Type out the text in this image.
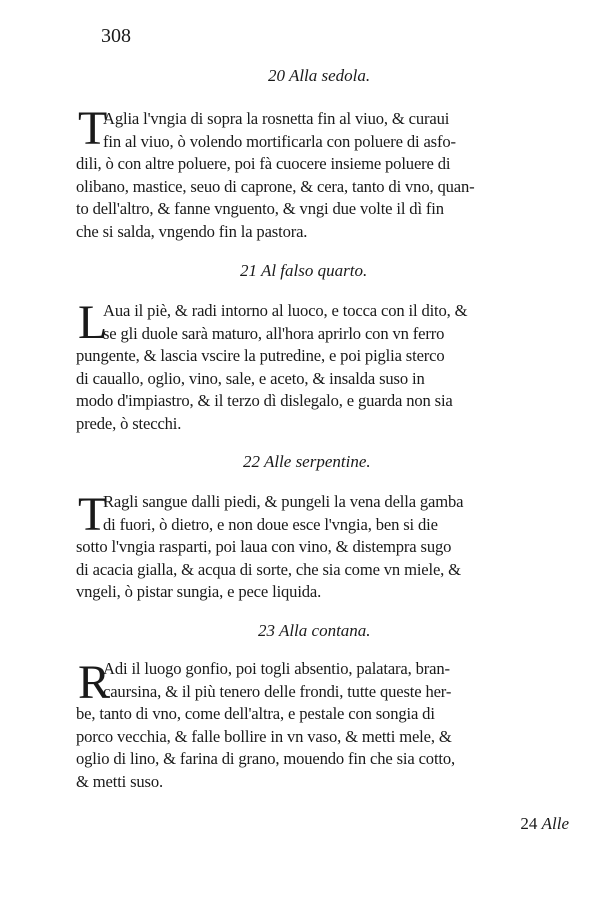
308
20 Alla sedola.
T
Aglia l'vngia di sopra la rosnetta fin al viuo, & curaui
fin al viuo, ò volendo mortificarla con poluere di asfo-
dili, ò con altre poluere, poi fà cuocere insieme poluere di
olibano, mastice, seuo di caprone, & cera, tanto di vno, quan-
to dell'altro, & fanne vnguento, & vngi due volte il dì fin
che si salda, vngendo fin la pastora.
21 Al falso quarto.
L
Aua il piè, & radi intorno al luoco, e tocca con il dito, &
se gli duole sarà maturo, all'hora aprirlo con vn ferro
pungente, & lascia vscire la putredine, e poi piglia sterco
di cauallo, oglio, vino, sale, e aceto, & insalda suso in
modo d'impiastro, & il terzo dì dislegalo, e guarda non sia
prede, ò stecchi.
22 Alle serpentine.
T
Ragli sangue dalli piedi, & pungeli la vena della gamba
di fuori, ò dietro, e non doue esce l'vngia, ben si die
sotto l'vngia rasparti, poi laua con vino, & distempra sugo
di acacia gialla, & acqua di sorte, che sia come vn miele, &
vngeli, ò pistar sungia, e pece liquida.
23 Alla contana.
R
Adi il luogo gonfio, poi togli absentio, palatara, bran-
caursina, & il più tenero delle frondi, tutte queste her-
be, tanto di vno, come dell'altra, e pestale con songia di
porco vecchia, & falle bollire in vn vaso, & metti mele, &
oglio di lino, & farina di grano, mouendo fin che sia cotto,
& metti suso.
24 Alle
